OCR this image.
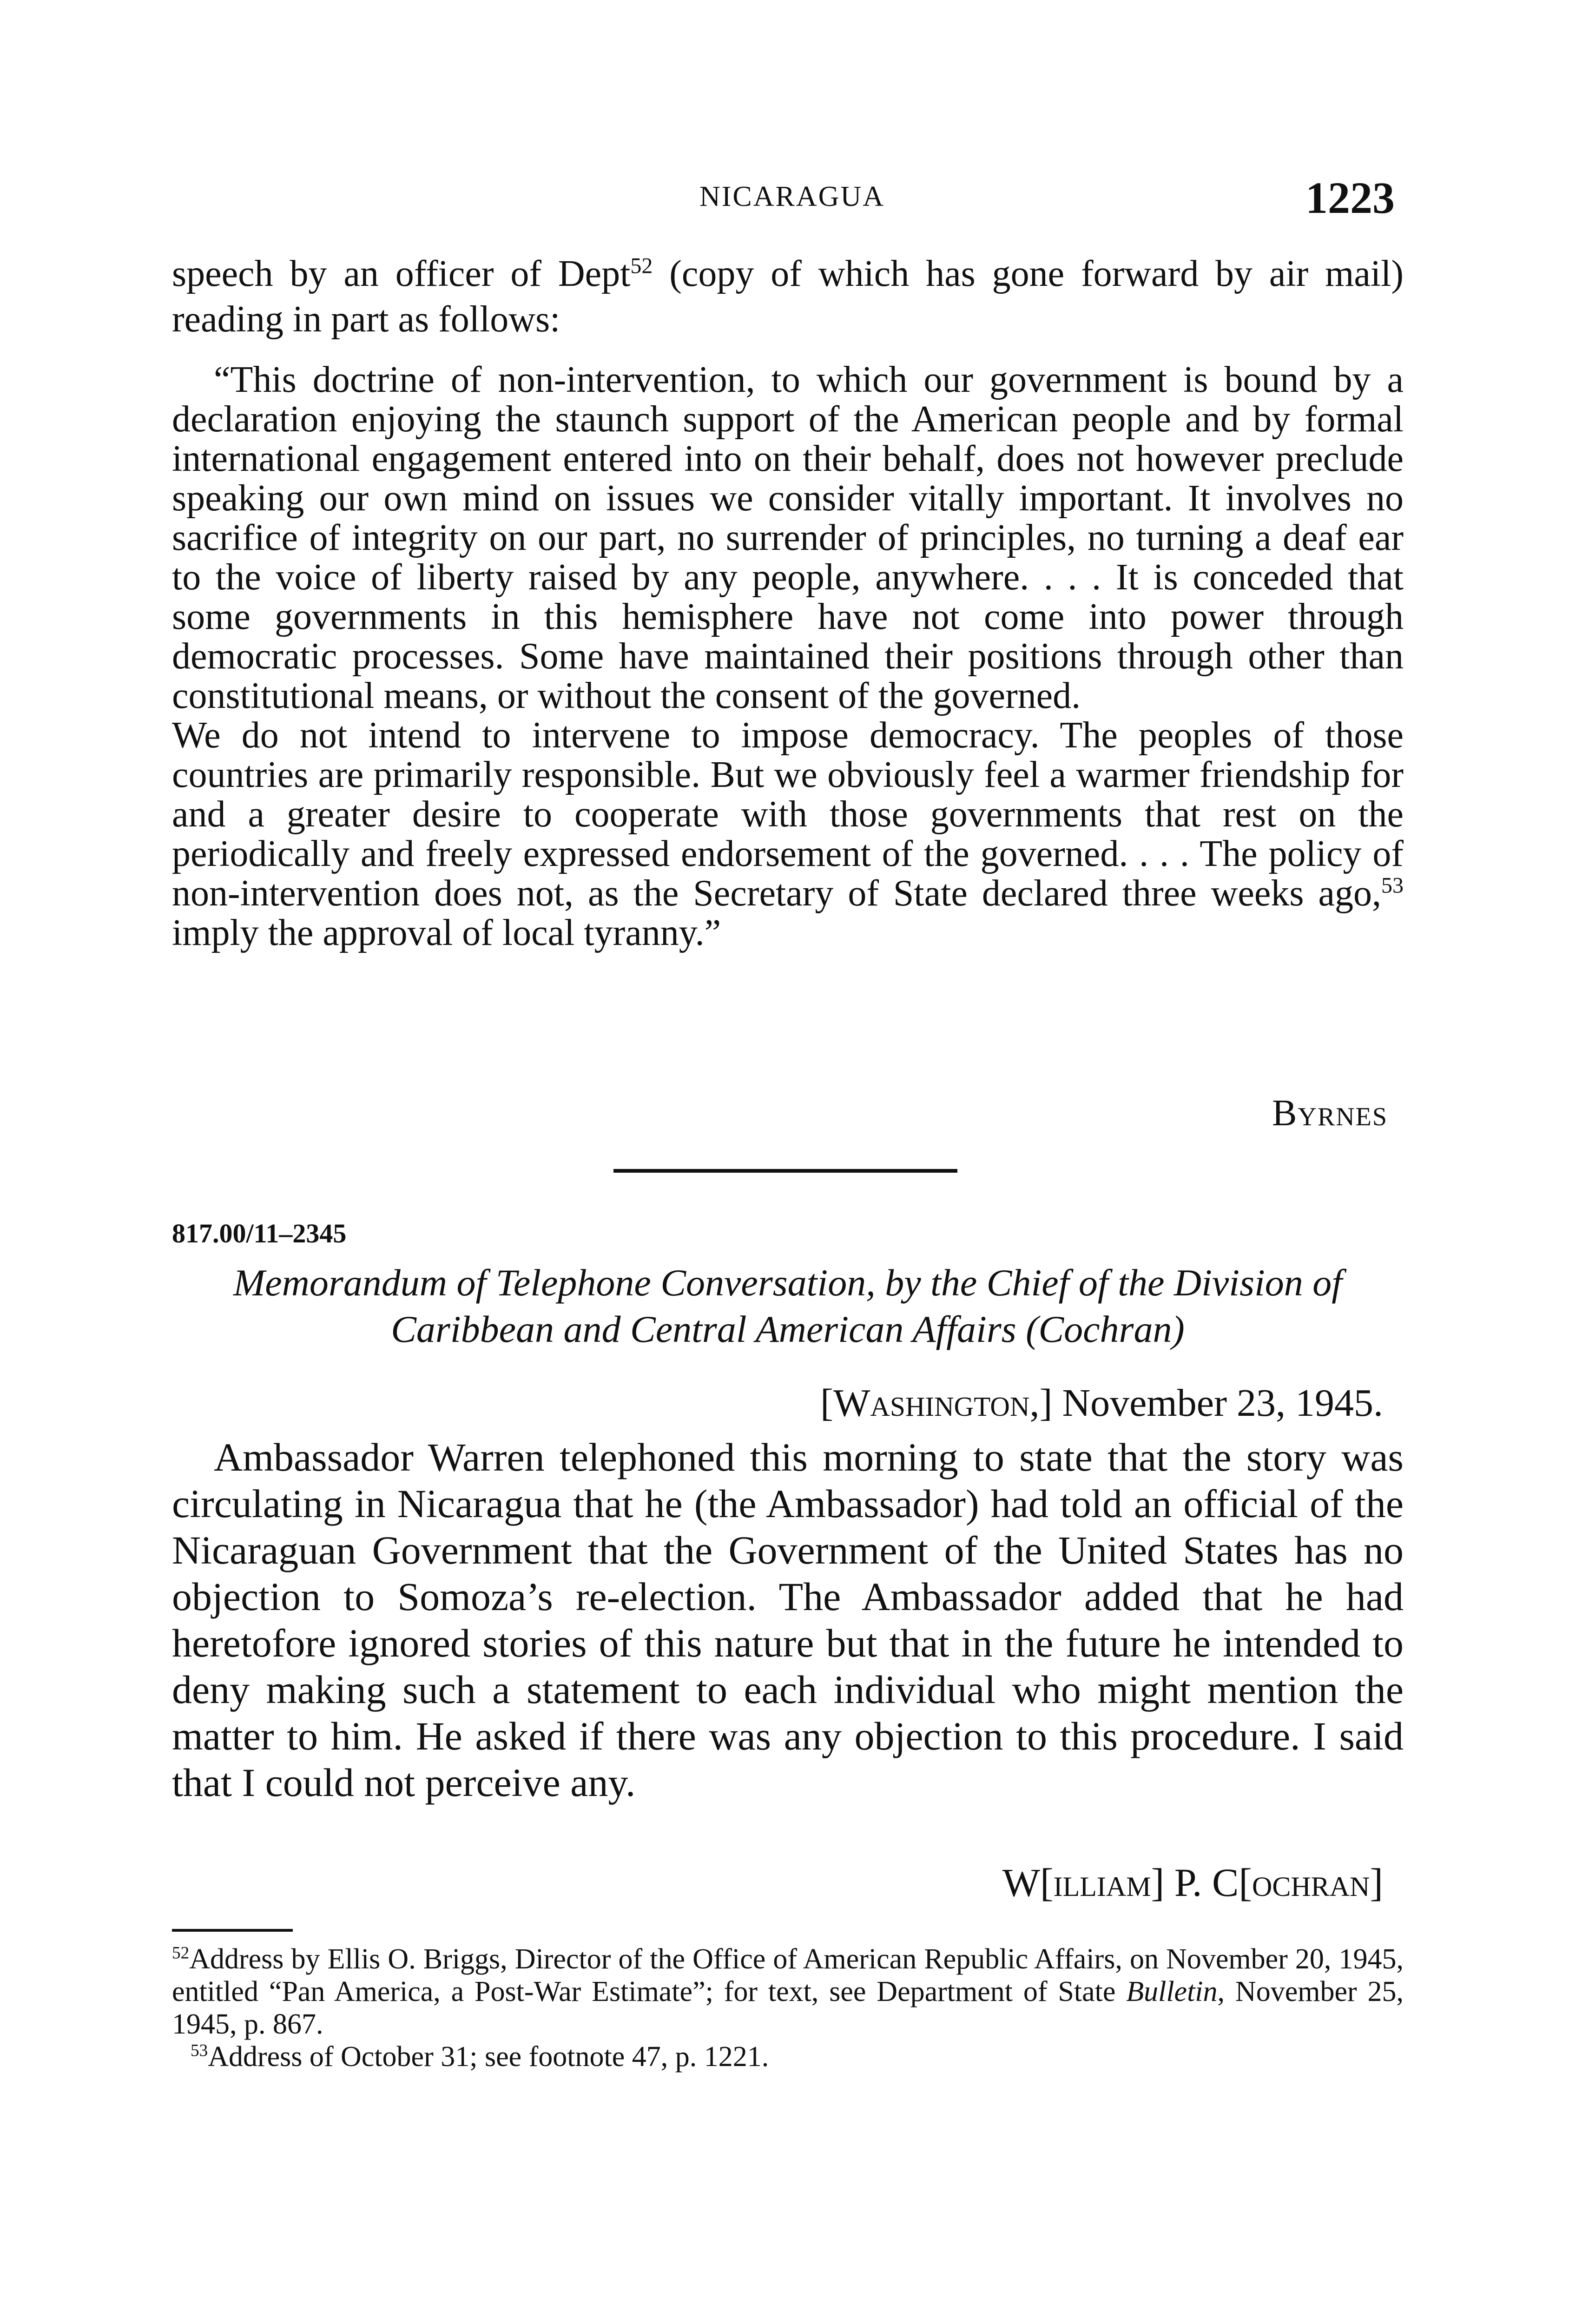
NICARAGUA	1223
speech by an officer of Dept$^{52}$ (copy of which has gone forward by air mail) reading in part as follows:

“This doctrine of non-intervention, to which our government is bound by a declaration enjoying the staunch support of the American people and by formal international engagement entered into on their behalf, does not however preclude speaking our own mind on issues we consider vitally important. It involves no sacrifice of integrity on our part, no surrender of principles, no turning a deaf ear to the voice of liberty raised by any people, anywhere. . . . It is conceded that some governments in this hemisphere have not come into power through democratic processes. Some have maintained their positions through other than constitutional means, or without the consent of the governed.

We do not intend to intervene to impose democracy. The peoples of those countries are primarily responsible. But we obviously feel a warmer friendship for and a greater desire to cooperate with those governments that rest on the periodically and freely expressed endorsement of the governed. . . . The policy of non-intervention does not, as the Secretary of State declared three weeks ago,$^{53}$ imply the approval of local tyranny.”

Byrnes
817.00/11–2345
Memorandum of Telephone Conversation, by the Chief of the Division of Caribbean and Central American Affairs (Cochran)
[Washington,] November 23, 1945.

Ambassador Warren telephoned this morning to state that the story was circulating in Nicaragua that he (the Ambassador) had told an official of the Nicaraguan Government that the Government of the United States has no objection to Somoza’s re-election. The Ambassador added that he had heretofore ignored stories of this nature but that in the future he intended to deny making such a statement to each individual who might mention the matter to him. He asked if there was any objection to this procedure. I said that I could not perceive any.

W[illiam] P. C[ochran]

$^{52}$Address by Ellis O. Briggs, Director of the Office of American Republic Affairs, on November 20, 1945, entitled “Pan America, a Post-War Estimate”; for text, see Department of State Bulletin, November 25, 1945, p. 867.

$^{53}$Address of October 31; see footnote 47, p. 1221.
